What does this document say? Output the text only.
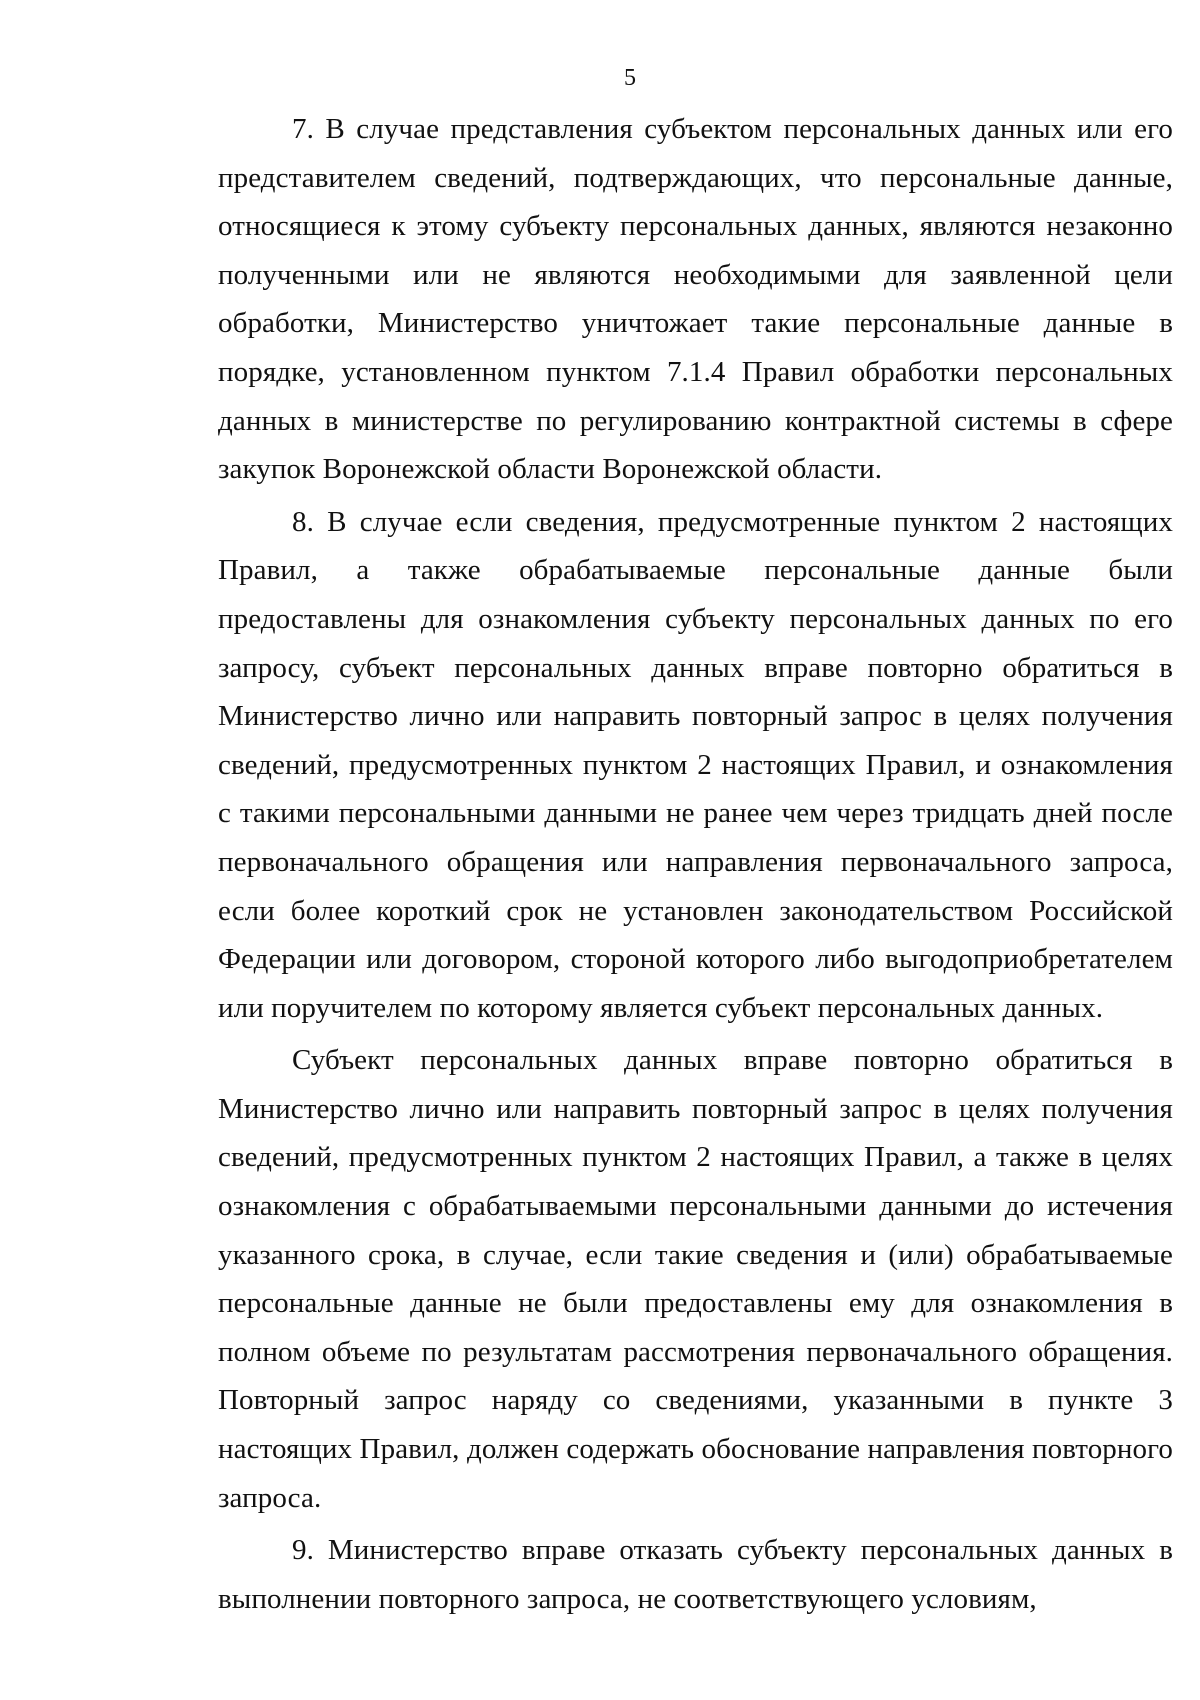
5

7. В случае представления субъектом персональных данных или его представителем сведений, подтверждающих, что персональные данные, относящиеся к этому субъекту персональных данных, являются незаконно полученными или не являются необходимыми для заявленной цели обработки, Министерство уничтожает такие персональные данные в порядке, установленном пунктом 7.1.4 Правил обработки персональных данных в министерстве по регулированию контрактной системы в сфере закупок Воронежской области Воронежской области.

8. В случае если сведения, предусмотренные пунктом 2 настоящих Правил, а также обрабатываемые персональные данные были предоставлены для ознакомления субъекту персональных данных по его запросу, субъект персональных данных вправе повторно обратиться в Министерство лично или направить повторный запрос в целях получения сведений, предусмотренных пунктом 2 настоящих Правил, и ознакомления с такими персональными данными не ранее чем через тридцать дней после первоначального обращения или направления первоначального запроса, если более короткий срок не установлен законодательством Российской Федерации или договором, стороной которого либо выгодоприобретателем или поручителем по которому является субъект персональных данных.

Субъект персональных данных вправе повторно обратиться в Министерство лично или направить повторный запрос в целях получения сведений, предусмотренных пунктом 2 настоящих Правил, а также в целях ознакомления с обрабатываемыми персональными данными до истечения указанного срока, в случае, если такие сведения и (или) обрабатываемые персональные данные не были предоставлены ему для ознакомления в полном объеме по результатам рассмотрения первоначального обращения. Повторный запрос наряду со сведениями, указанными в пункте 3 настоящих Правил, должен содержать обоснование направления повторного запроса.

9. Министерство вправе отказать субъекту персональных данных в выполнении повторного запроса, не соответствующего условиям,
